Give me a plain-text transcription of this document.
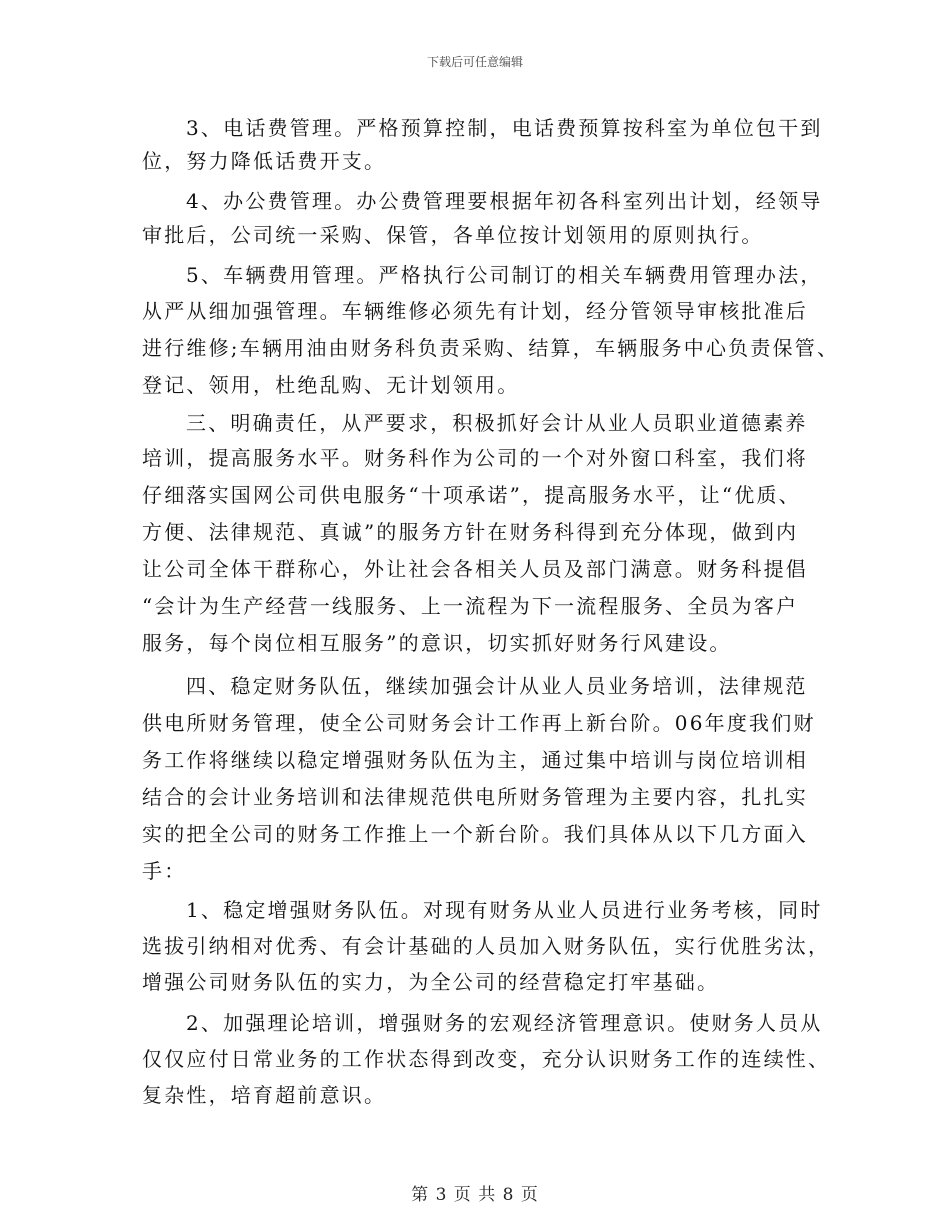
下载后可任意编辑
3、电话费管理。严格预算控制，电话费预算按科室为单位包干到
位，努力降低话费开支。
4、办公费管理。办公费管理要根据年初各科室列出计划，经领导
审批后，公司统一采购、保管，各单位按计划领用的原则执行。
5、车辆费用管理。严格执行公司制订的相关车辆费用管理办法，
从严从细加强管理。车辆维修必须先有计划，经分管领导审核批准后
进行维修;车辆用油由财务科负责采购、结算，车辆服务中心负责保管、
登记、领用，杜绝乱购、无计划领用。
三、明确责任，从严要求，积极抓好会计从业人员职业道德素养
培训，提高服务水平。财务科作为公司的一个对外窗口科室，我们将
仔细落实国网公司供电服务“十项承诺”，提高服务水平，让“优质、
方便、法律规范、真诚”的服务方针在财务科得到充分体现，做到内
让公司全体干群称心，外让社会各相关人员及部门满意。财务科提倡
“会计为生产经营一线服务、上一流程为下一流程服务、全员为客户
服务，每个岗位相互服务”的意识，切实抓好财务行风建设。
四、稳定财务队伍，继续加强会计从业人员业务培训，法律规范
供电所财务管理，使全公司财务会计工作再上新台阶。06年度我们财
务工作将继续以稳定增强财务队伍为主，通过集中培训与岗位培训相
结合的会计业务培训和法律规范供电所财务管理为主要内容，扎扎实
实的把全公司的财务工作推上一个新台阶。我们具体从以下几方面入
手：
1、稳定增强财务队伍。对现有财务从业人员进行业务考核，同时
选拔引纳相对优秀、有会计基础的人员加入财务队伍，实行优胜劣汰，
增强公司财务队伍的实力，为全公司的经营稳定打牢基础。
2、加强理论培训，增强财务的宏观经济管理意识。使财务人员从
仅仅应付日常业务的工作状态得到改变，充分认识财务工作的连续性、
复杂性，培育超前意识。
第 3 页 共 8 页
